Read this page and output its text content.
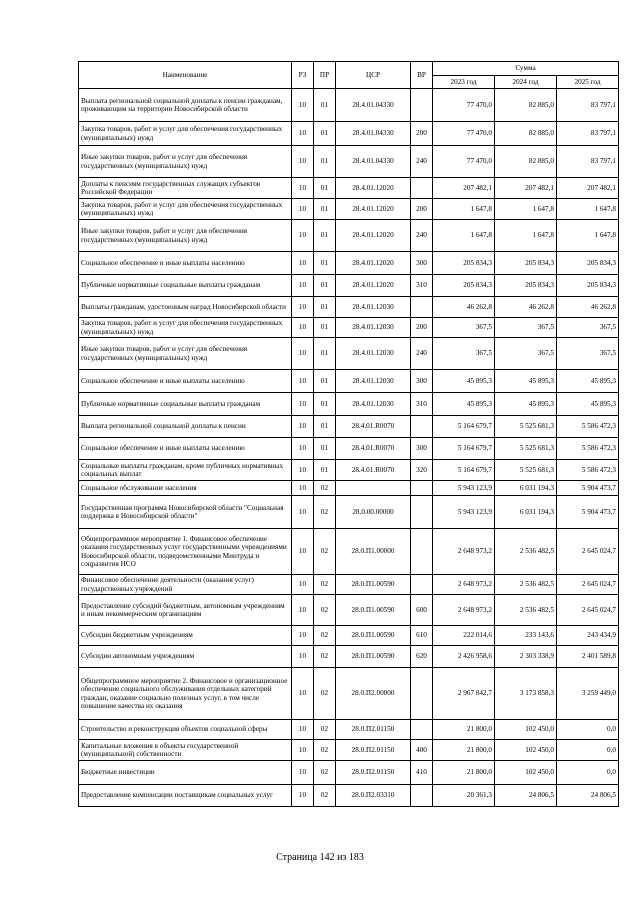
Наименование	РЗ	ПР	ЦСР	ВР	Сумма		
					2023 год	2024 год	2025 год
Выплата региональной социальной доплаты к пенсии гражданам, проживающим на территории Новосибирской области	10	01	28.4.01.04330		77 470,0	82 885,0	83 797,1
Закупка товаров, работ и услуг для обеспечения государственных (муниципальных) нужд	10	01	28.4.01.04330	200	77 470,0	82 885,0	83 797,1
Иные закупки товаров, работ и услуг для обеспечения государственных (муниципальных) нужд	10	01	28.4.01.04330	240	77 470,0	82 885,0	83 797,1
Доплаты к пенсиям государственных служащих субъектов Российской Федерации	10	01	28.4.01.12020		207 482,1	207 482,1	207 482,1
Закупка товаров, работ и услуг для обеспечения государственных (муниципальных) нужд	10	01	28.4.01.12020	200	1 647,8	1 647,8	1 647,8
Иные закупки товаров, работ и услуг для обеспечения государственных (муниципальных) нужд	10	01	28.4.01.12020	240	1 647,8	1 647,8	1 647,8
Социальное обеспечение и иные выплаты населению	10	01	28.4.01.12020	300	205 834,3	205 834,3	205 834,3
Публичные нормативные социальные выплаты гражданам	10	01	28.4.01.12020	310	205 834,3	205 834,3	205 834,3
Выплаты гражданам, удостоенным наград Новосибирской области	10	01	28.4.01.12030		46 262,8	46 262,8	46 262,8
Закупка товаров, работ и услуг для обеспечения государственных (муниципальных) нужд	10	01	28.4.01.12030	200	367,5	367,5	367,5
Иные закупки товаров, работ и услуг для обеспечения государственных (муниципальных) нужд	10	01	28.4.01.12030	240	367,5	367,5	367,5
Социальное обеспечение и иные выплаты населению	10	01	28.4.01.12030	300	45 895,3	45 895,3	45 895,3
Публичные нормативные социальные выплаты гражданам	10	01	28.4.01.12030	310	45 895,3	45 895,3	45 895,3
Выплата региональной социальной доплаты к пенсии	10	01	28.4.01.R0070		5 164 679,7	5 525 681,3	5 586 472,3
Социальное обеспечение и иные выплаты населению	10	01	28.4.01.R0070	300	5 164 679,7	5 525 681,3	5 586 472,3
Социальные выплаты гражданам, кроме публичных нормативных социальных выплат	10	01	28.4.01.R0070	320	5 164 679,7	5 525 681,3	5 586 472,3
Социальное обслуживание населения	10	02			5 943 123,9	6 031 194,3	5 904 473,7
Государственная программа Новосибирской области "Социальная поддержка в Новосибирской области"	10	02	28.0.00.00000		5 943 123,9	6 031 194,3	5 904 473,7
Общепрограммное мероприятие 1. Финансовое обеспечение оказания государственных услуг государственными учреждениями Новосибирской области, подведомственными Минтруда и соцразвития НСО	10	02	28.0.П1.00000		2 648 973,2	2 536 482,5	2 645 024,7
Финансовое обеспечение деятельности (оказания услуг) государственных учреждений	10	02	28.0.П1.00590		2 648 973,2	2 536 482,5	2 645 024,7
Предоставление субсидий бюджетным, автономным учреждениям и иным некоммерческим организациям	10	02	28.0.П1.00590	600	2 648 973,2	2 536 482,5	2 645 024,7
Субсидии бюджетным учреждениям	10	02	28.0.П1.00590	610	222 014,6	233 143,6	243 434,9
Субсидии автономным учреждениям	10	02	28.0.П1.00590	620	2 426 958,6	2 303 338,9	2 401 589,8
Общепрограммное мероприятие 2. Финансовое и организационное обеспечение социального обслуживания отдельных категорий граждан, оказание социально полезных услуг, в том числе повышение качества их оказания	10	02	28.0.П2.00000		2 967 842,7	3 173 858,3	3 259 449,0
Строительство и реконструкция объектов социальной сферы	10	02	28.0.П2.01150		21 800,0	102 450,0	0,0
Капитальные вложения в объекты государственной (муниципальной) собственности	10	02	28.0.П2.01150	400	21 800,0	102 450,0	0,0
Бюджетные инвестиции	10	02	28.0.П2.01150	410	21 800,0	102 450,0	0,0
Предоставление компенсации поставщикам социальных услуг	10	02	28.0.П2.03310		20 361,3	24 806,5	24 806,5
Страница 142 из 183
